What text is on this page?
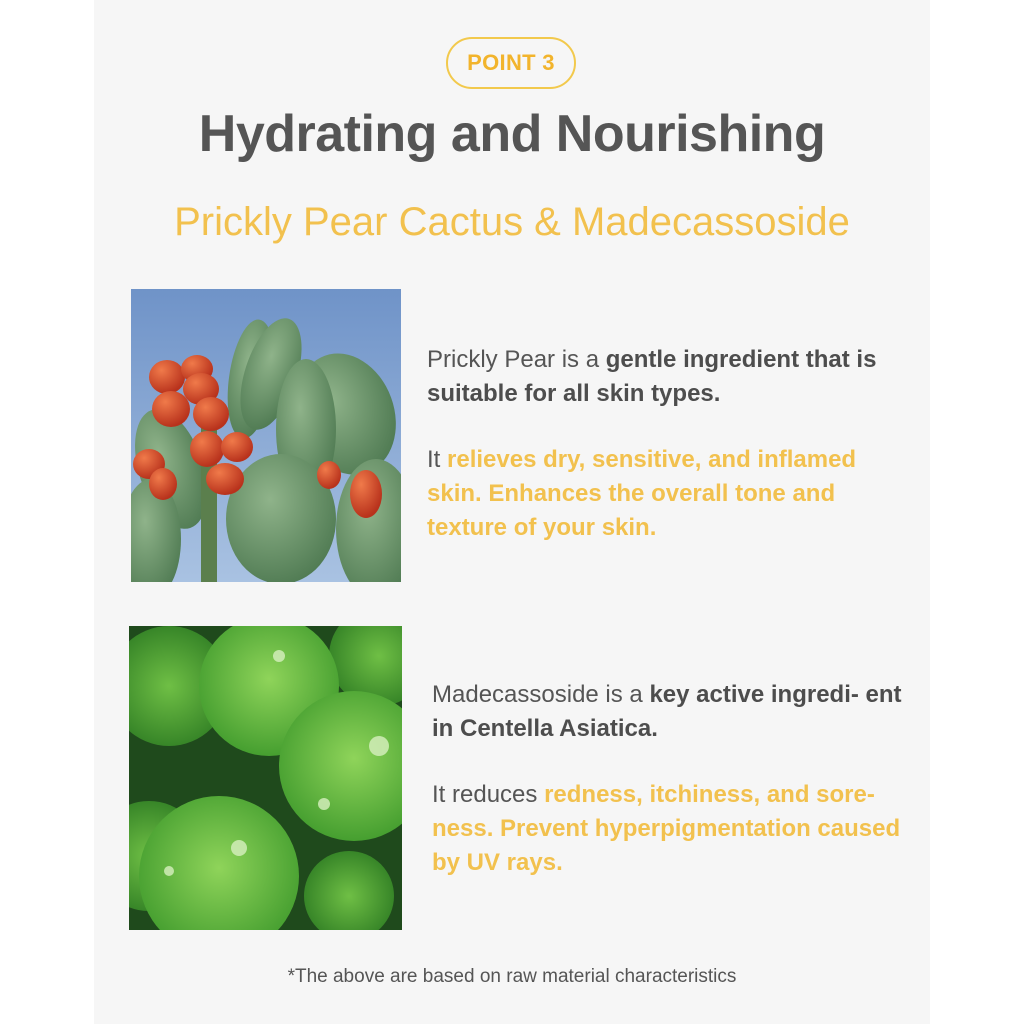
POINT 3
Hydrating and Nourishing
Prickly Pear Cactus & Madecassoside

Prickly Pear is a gentle ingredient that is suitable for all skin types.

It relieves dry, sensitive, and inflamed skin. Enhances the overall tone and texture of your skin.

Madecassoside is a key active ingredi- ent in Centella Asiatica.

It reduces redness, itchiness, and sore- ness. Prevent hyperpigmentation caused by UV rays.

*The above are based on raw material characteristics
